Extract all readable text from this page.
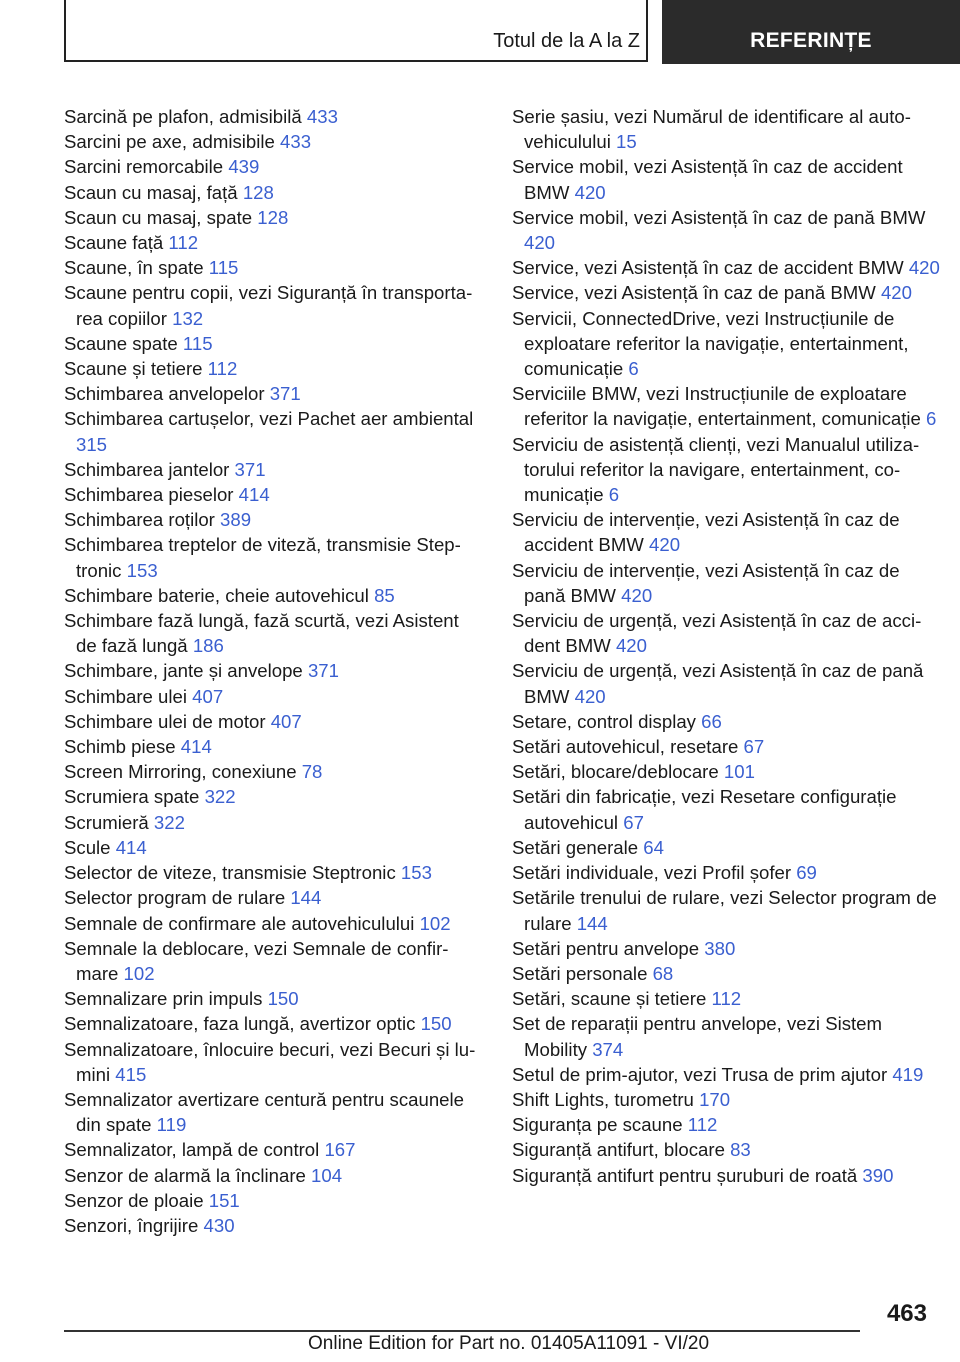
Totul de la A la Z	REFERINȚE
Sarcină pe plafon, admisibilă 433
Sarcini pe axe, admisibile 433
Sarcini remorcabile 439
Scaun cu masaj, față 128
Scaun cu masaj, spate 128
Scaune față 112
Scaune, în spate 115
Scaune pentru copii, vezi Siguranță în transportarea copiilor 132
Scaune spate 115
Scaune și tetiere 112
Schimbarea anvelopelor 371
Schimbarea cartușelor, vezi Pachet aer ambiental 315
Schimbarea jantelor 371
Schimbarea pieselor 414
Schimbarea roților 389
Schimbarea treptelor de viteză, transmisie Steptronic 153
Schimbare baterie, cheie autovehicul 85
Schimbare fază lungă, fază scurtă, vezi Asistent de fază lungă 186
Schimbare, jante și anvelope 371
Schimbare ulei 407
Schimbare ulei de motor 407
Schimb piese 414
Screen Mirroring, conexiune 78
Scrumiera spate 322
Scrumieră 322
Scule 414
Selector de viteze, transmisie Steptronic 153
Selector program de rulare 144
Semnale de confirmare ale autovehiculului 102
Semnale la deblocare, vezi Semnale de confirmare 102
Semnalizare prin impuls 150
Semnalizatoare, faza lungă, avertizor optic 150
Semnalizatoare, înlocuire becuri, vezi Becuri și lumini 415
Semnalizator avertizare centură pentru scaunele din spate 119
Semnalizator, lampă de control 167
Senzor de alarmă la înclinare 104
Senzor de ploaie 151
Senzori, îngrijire 430
Serie șasiu, vezi Numărul de identificare al autovehiculului 15
Service mobil, vezi Asistență în caz de accident BMW 420
Service mobil, vezi Asistență în caz de pană BMW 420
Service, vezi Asistență în caz de accident BMW 420
Service, vezi Asistență în caz de pană BMW 420
Servicii, ConnectedDrive, vezi Instrucțiunile de exploatare referitor la navigație, entertainment, comunicație 6
Serviciile BMW, vezi Instrucțiunile de exploatare referitor la navigație, entertainment, comunicație 6
Serviciu de asistență clienți, vezi Manualul utilizatorului referitor la navigare, entertainment, comunicație 6
Serviciu de intervenție, vezi Asistență în caz de accident BMW 420
Serviciu de intervenție, vezi Asistență în caz de pană BMW 420
Serviciu de urgență, vezi Asistență în caz de accident BMW 420
Serviciu de urgență, vezi Asistență în caz de pană BMW 420
Setare, control display 66
Setări autovehicul, resetare 67
Setări, blocare/deblocare 101
Setări din fabricație, vezi Resetare configurație autovehicul 67
Setări generale 64
Setări individuale, vezi Profil șofer 69
Setările trenului de rulare, vezi Selector program de rulare 144
Setări pentru anvelope 380
Setări personale 68
Setări, scaune și tetiere 112
Set de reparații pentru anvelope, vezi Sistem Mobility 374
Setul de prim-ajutor, vezi Trusa de prim ajutor 419
Shift Lights, turometru 170
Siguranța pe scaune 112
Siguranță antifurt, blocare 83
Siguranță antifurt pentru șuruburi de roată 390
463
Online Edition for Part no. 01405A11091 - VI/20
